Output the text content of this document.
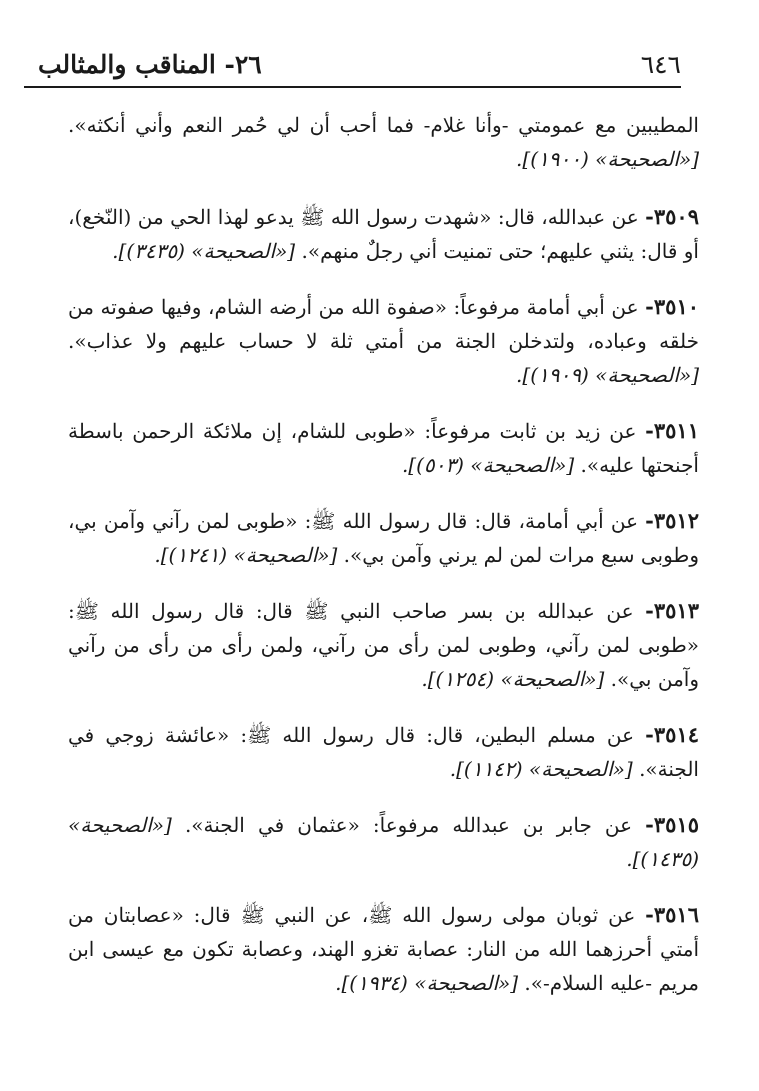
٦٤٦
٢٦- المناقب والمثالب

المطيبين مع عمومتي -وأنا غلام- فما أحب أن لي حُمر النعم وأني أنكثه». [«الصحيحة» (١٩٠٠)].

٣٥٠٩- عن عبدالله، قال: «شهدت رسول الله ﷺ يدعو لهذا الحي من (النّخع)، أو قال: يثني عليهم؛ حتى تمنيت أني رجلٌ منهم». [«الصحيحة» (٣٤٣٥)].

٣٥١٠- عن أبي أمامة مرفوعاً: «صفوة الله من أرضه الشام، وفيها صفوته من خلقه وعباده، ولتدخلن الجنة من أمتي ثلة لا حساب عليهم ولا عذاب». [«الصحيحة» (١٩٠٩)].

٣٥١١- عن زيد بن ثابت مرفوعاً: «طوبى للشام، إن ملائكة الرحمن باسطة أجنحتها عليه». [«الصحيحة» (٥٠٣)].

٣٥١٢- عن أبي أمامة، قال: قال رسول الله ﷺ: «طوبى لمن رآني وآمن بي، وطوبى سبع مرات لمن لم يرني وآمن بي». [«الصحيحة» (١٢٤١)].

٣٥١٣- عن عبدالله بن بسر صاحب النبي ﷺ قال: قال رسول الله ﷺ: «طوبى لمن رآني، وطوبى لمن رأى من رآني، ولمن رأى من رأى من رآني وآمن بي». [«الصحيحة» (١٢٥٤)].

٣٥١٤- عن مسلم البطين، قال: قال رسول الله ﷺ: «عائشة زوجي في الجنة». [«الصحيحة» (١١٤٢)].

٣٥١٥- عن جابر بن عبدالله مرفوعاً: «عثمان في الجنة». [«الصحيحة» (١٤٣٥)].

٣٥١٦- عن ثوبان مولى رسول الله ﷺ، عن النبي ﷺ قال: «عصابتان من أمتي أحرزهما الله من النار: عصابة تغزو الهند، وعصابة تكون مع عيسى ابن مريم -عليه السلام-». [«الصحيحة» (١٩٣٤)].
